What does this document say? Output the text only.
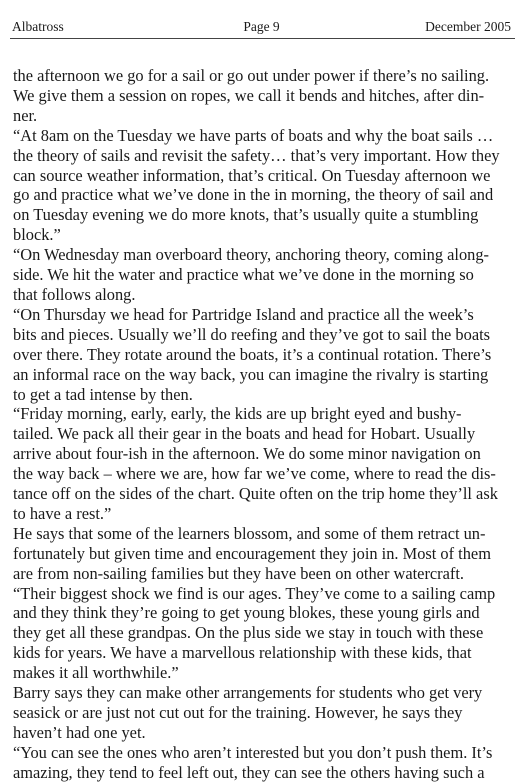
Albatross	Page 9	December 2005

the afternoon we go for a sail or go out under power if there’s no sailing.
We give them a session on ropes, we call it bends and hitches, after din-
ner.

“At 8am on the Tuesday we have parts of boats and why the boat sails …
the theory of sails and revisit the safety… that’s very important. How they
can source weather information, that’s critical. On Tuesday afternoon we
go and practice what we’ve done in the in morning, the theory of sail and
on Tuesday evening we do more knots, that’s usually quite a stumbling
block.”

“On Wednesday man overboard theory, anchoring theory, coming along-
side. We hit the water and practice what we’ve done in the morning so
that follows along.

“On Thursday we head for Partridge Island and practice all the week’s
bits and pieces. Usually we’ll do reefing and they’ve got to sail the boats
over there. They rotate around the boats, it’s a continual rotation. There’s
an informal race on the way back, you can imagine the rivalry is starting
to get a tad intense by then.

“Friday morning, early, early, the kids are up bright eyed and bushy-
tailed. We pack all their gear in the boats and head for Hobart. Usually
arrive about four-ish in the afternoon. We do some minor navigation on
the way back – where we are, how far we’ve come, where to read the dis-
tance off on the sides of the chart. Quite often on the trip home they’ll ask
to have a rest.”

He says that some of the learners blossom, and some of them retract un-
fortunately but given time and encouragement they join in. Most of them
are from non-sailing families but they have been on other watercraft.

“Their biggest shock we find is our ages. They’ve come to a sailing camp
and they think they’re going to get young blokes, these young girls and
they get all these grandpas. On the plus side we stay in touch with these
kids for years. We have a marvellous relationship with these kids, that
makes it all worthwhile.”

Barry says they can make other arrangements for students who get very
seasick or are just not cut out for the training. However, he says they
haven’t had one yet.

“You can see the ones who aren’t interested but you don’t push them. It’s
amazing, they tend to feel left out, they can see the others having such a
